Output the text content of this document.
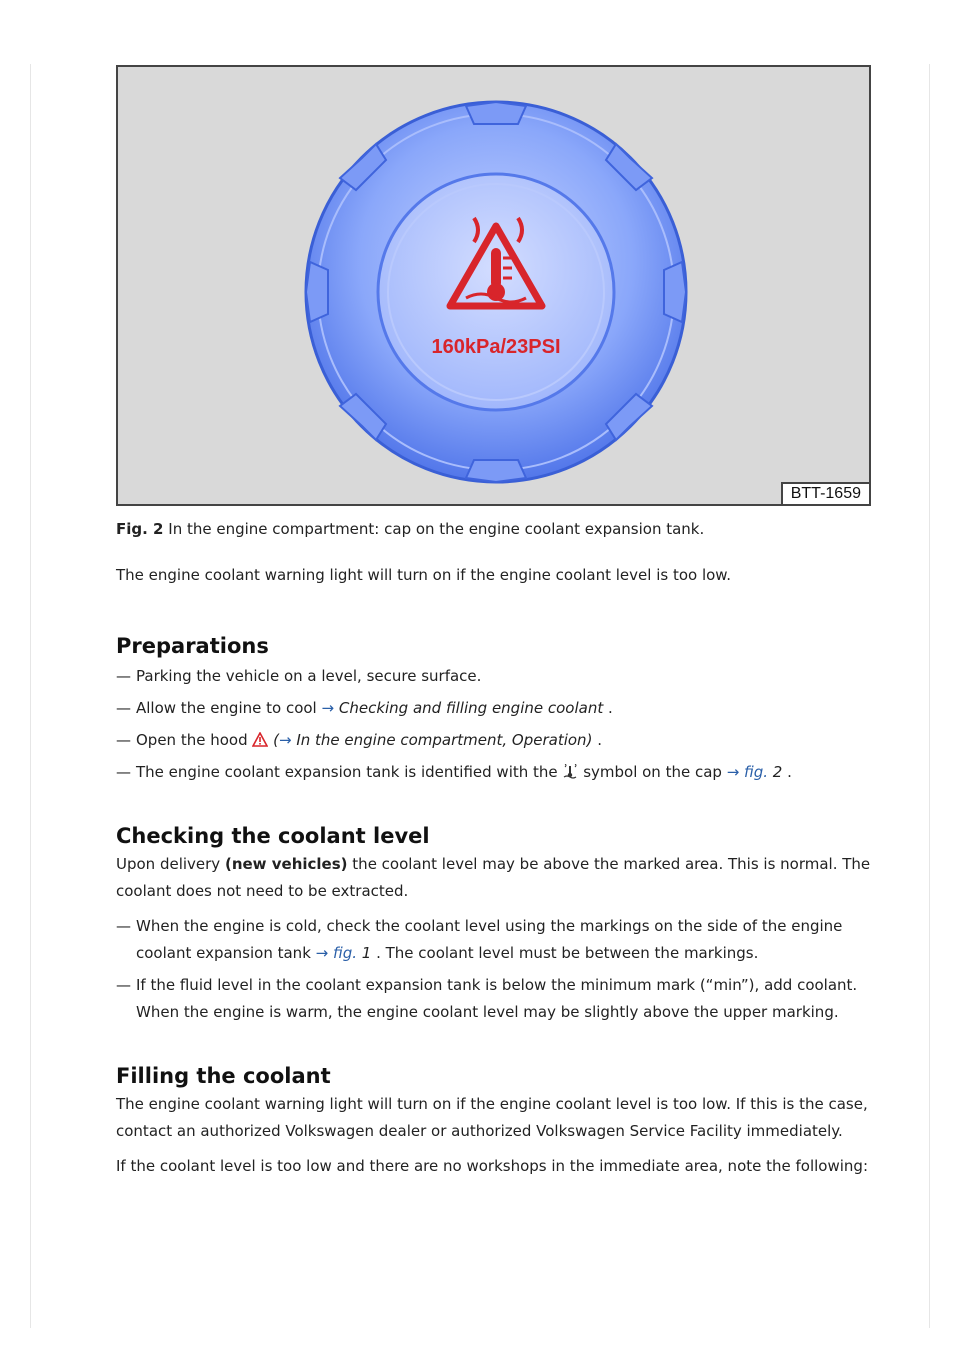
160kPa/23PSI
BTT-1659
Fig. 2 In the engine compartment: cap on the engine coolant expansion tank.

The engine coolant warning light will turn on if the engine coolant level is too low.

Preparations
— Parking the vehicle on a level, secure surface.
— Allow the engine to cool → Checking and filling engine coolant .
— Open the hood  (→ In the engine compartment, Operation) .
— The engine coolant expansion tank is identified with the  symbol on the cap → fig. 2 .
Checking the coolant level

Upon delivery (new vehicles) the coolant level may be above the marked area. This is normal. The coolant does not need to be extracted.

— When the engine is cold, check the coolant level using the markings on the side of the engine coolant expansion tank → fig. 1 . The coolant level must be between the markings.
— If the fluid level in the coolant expansion tank is below the minimum mark (“min”), add coolant. When the engine is warm, the engine coolant level may be slightly above the upper marking.
Filling the coolant

The engine coolant warning light will turn on if the engine coolant level is too low. If this is the case, contact an authorized Volkswagen dealer or authorized Volkswagen Service Facility immediately.

If the coolant level is too low and there are no workshops in the immediate area, note the following:
